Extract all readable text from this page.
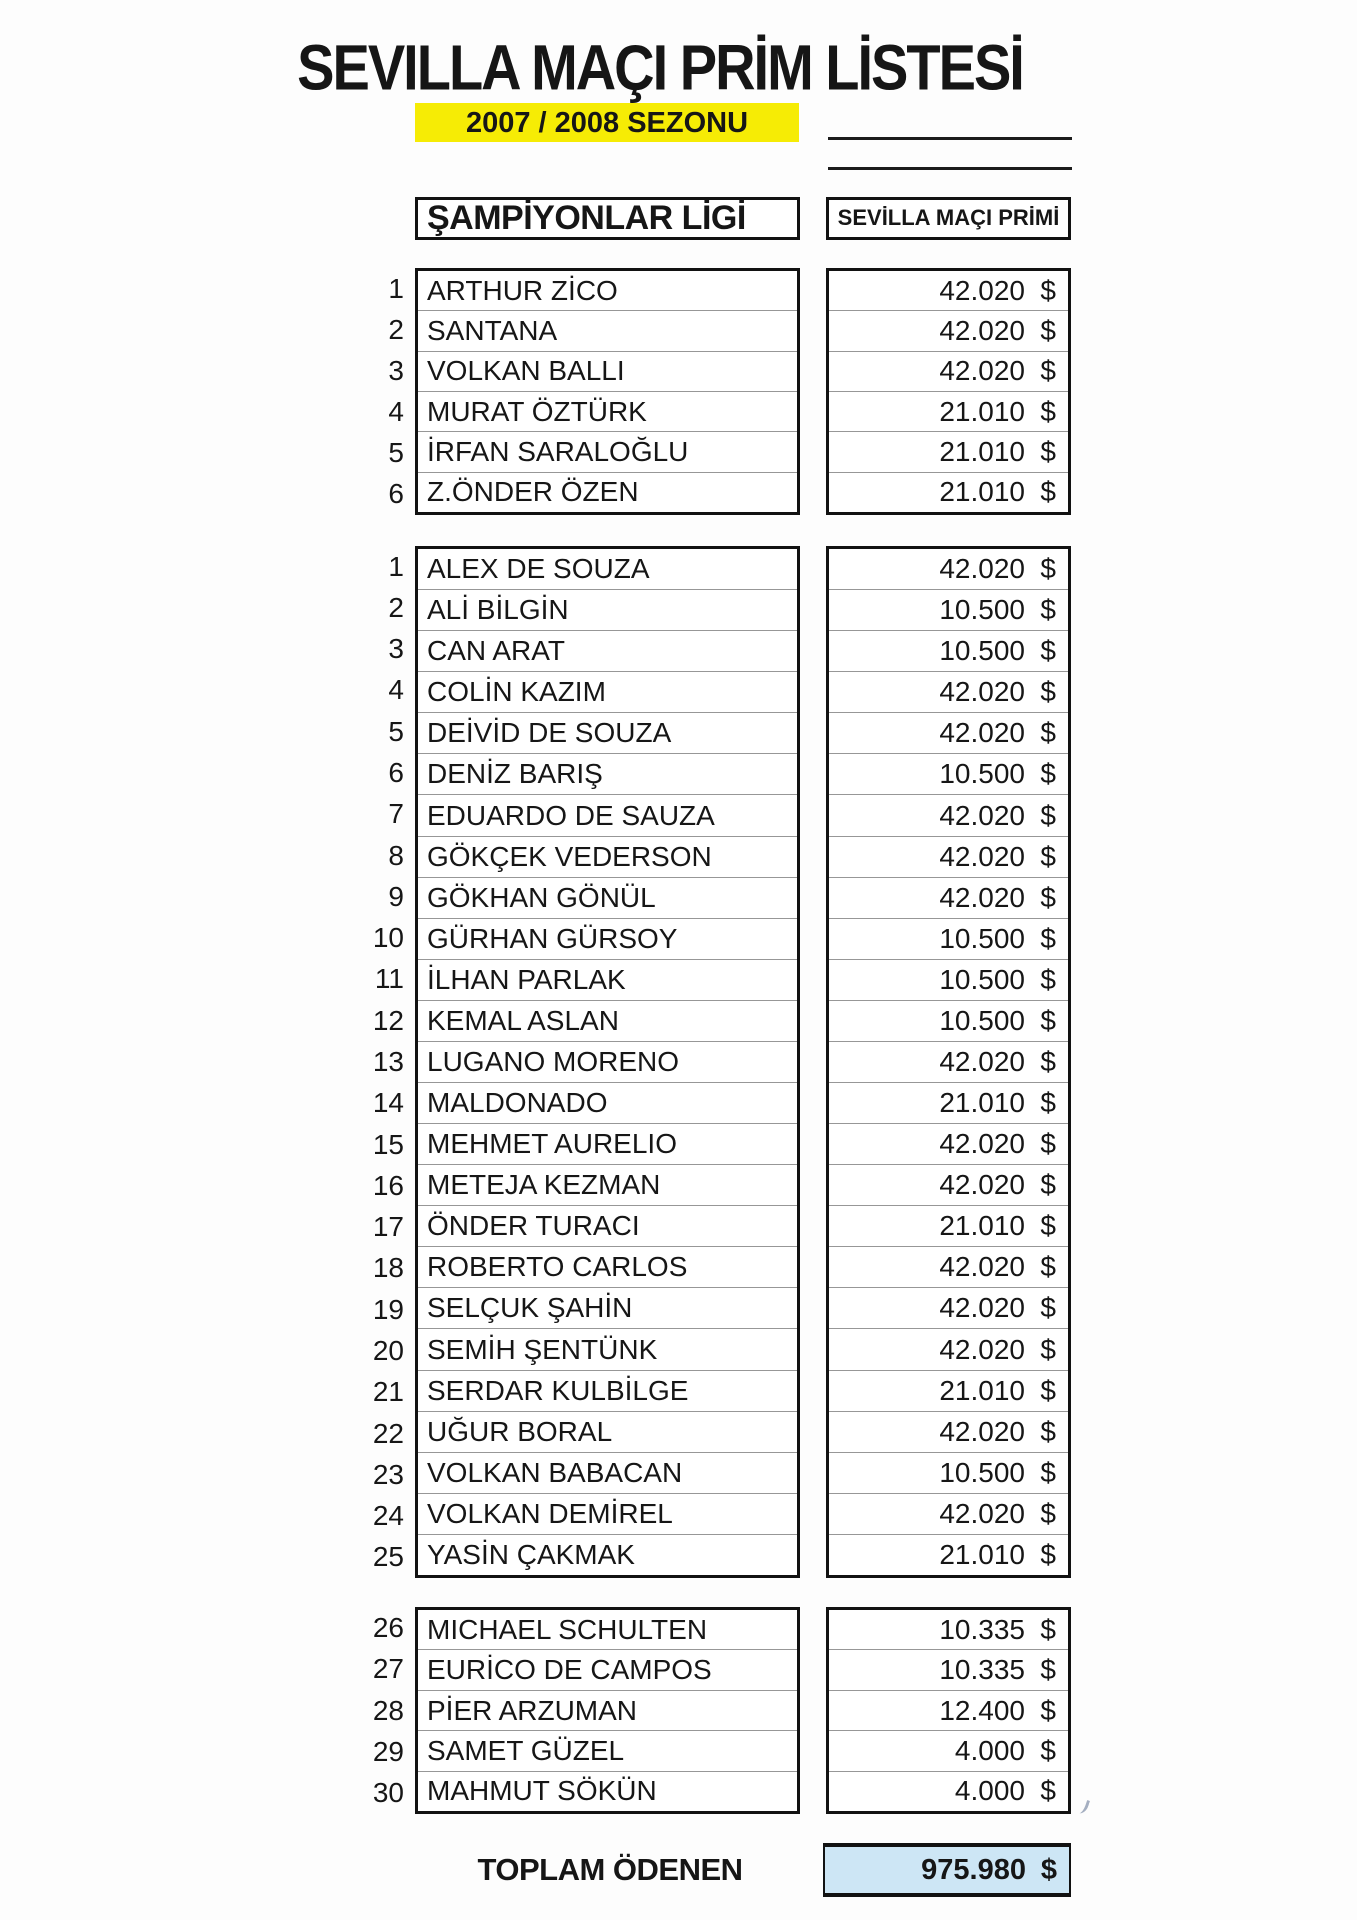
SEVILLA MAÇI PRİM LİSTESİ
2007 / 2008 SEZONU
ŞAMPİYONLAR LİGİ	SEVİLLA MAÇI PRİMİ
1
2
3
4
5
6
ARTHUR ZİCO
SANTANA
VOLKAN BALLI
MURAT ÖZTÜRK
İRFAN SARALOĞLU
Z.ÖNDER ÖZEN
42.020 $
42.020 $
42.020 $
21.010 $
21.010 $
21.010 $
1
2
3
4
5
6
7
8
9
10
11
12
13
14
15
16
17
18
19
20
21
22
23
24
25
ALEX DE SOUZA
ALİ BİLGİN
CAN ARAT
COLİN KAZIM
DEİVİD DE SOUZA
DENİZ BARIŞ
EDUARDO DE SAUZA
GÖKÇEK VEDERSON
GÖKHAN GÖNÜL
GÜRHAN GÜRSOY
İLHAN PARLAK
KEMAL ASLAN
LUGANO MORENO
MALDONADO
MEHMET AURELIO
METEJA KEZMAN
ÖNDER TURACI
ROBERTO CARLOS
SELÇUK ŞAHİN
SEMİH ŞENTÜNK
SERDAR KULBİLGE
UĞUR BORAL
VOLKAN BABACAN
VOLKAN DEMİREL
YASİN ÇAKMAK
42.020 $
10.500 $
10.500 $
42.020 $
42.020 $
10.500 $
42.020 $
42.020 $
42.020 $
10.500 $
10.500 $
10.500 $
42.020 $
21.010 $
42.020 $
42.020 $
21.010 $
42.020 $
42.020 $
42.020 $
21.010 $
42.020 $
10.500 $
42.020 $
21.010 $
26
27
28
29
30
MICHAEL SCHULTEN
EURİCO DE CAMPOS
PİER ARZUMAN
SAMET GÜZEL
MAHMUT SÖKÜN
10.335 $
10.335 $
12.400 $
4.000 $
4.000 $
TOPLAM ÖDENEN	975.980 $
